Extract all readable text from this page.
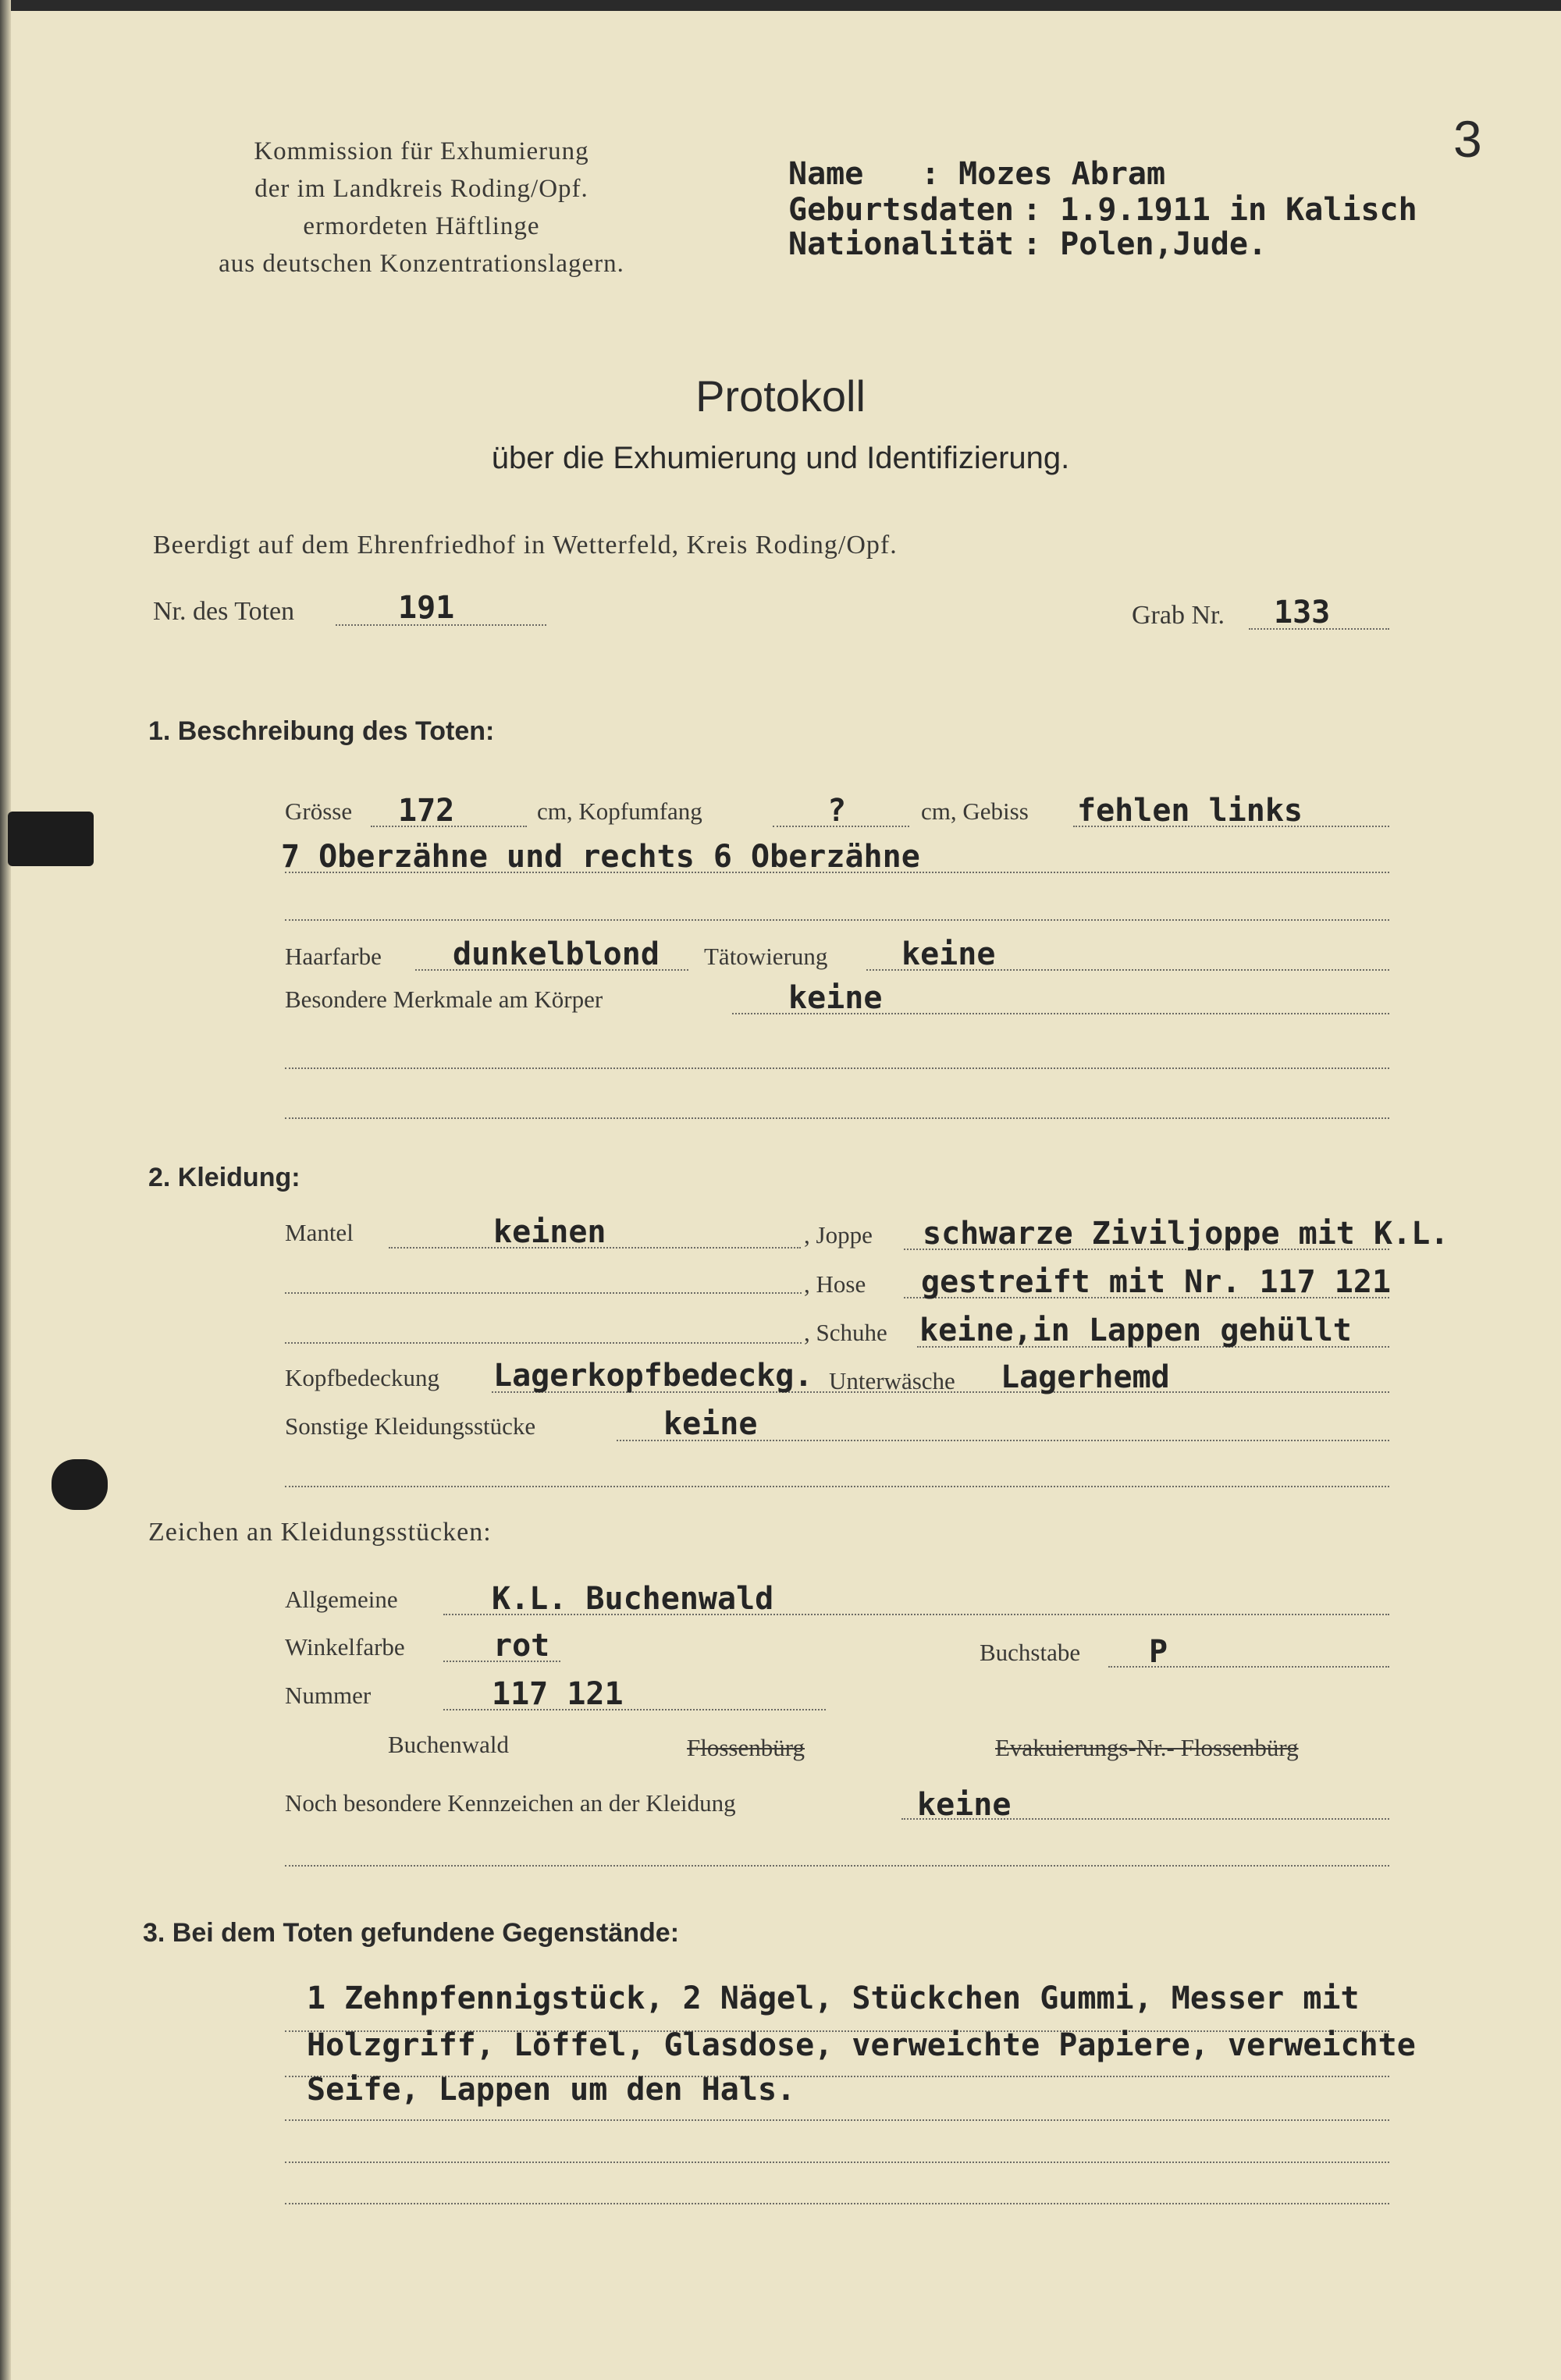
3
Kommission für Exhumierung
der im Landkreis Roding/Opf.
ermordeten Häftlinge
aus deutschen Konzentrationslagern.
Name : Mozes Abram
Geburtsdaten : 1.9.1911 in Kalisch
Nationalität : Polen,Jude.
Protokoll
über die Exhumierung und Identifizierung.
Beerdigt auf dem Ehrenfriedhof in Wetterfeld, Kreis Roding/Opf.
Nr. des Toten	191	Grab Nr. 133
1. Beschreibung des Toten:
Grösse 172	cm, Kopfumfang	?	cm, Gebiss fehlen links
7 Oberzähne und rechts 6 Oberzähne
Haarfarbe dunkelblond Tätowierung keine
Besondere Merkmale am Körper	keine
2. Kleidung:
Mantel	keinen	, Joppe schwarze Ziviljoppe mit K.L.
, Hose gestreift mit Nr. 117 121
, Schuhe keine,in Lappen gehüllt
Kopfbedeckung Lagerkopfbedeckg. Unterwäsche Lagerhemd
Sonstige Kleidungsstücke	keine
Zeichen an Kleidungsstücken:
Allgemeine	K.L. Buchenwald
Winkelfarbe	rot	Buchstabe P
Nummer	117 121
Buchenwald	Flossenbürg	Evakuierungs-Nr.- Flossenbürg
Noch besondere Kennzeichen an der Kleidung	keine
3. Bei dem Toten gefundene Gegenstände:
1 Zehnpfennigstück, 2 Nägel, Stückchen Gummi, Messer mit
Holzgriff, Löffel, Glasdose, verweichte Papiere, verweichte
Seife, Lappen um den Hals.
